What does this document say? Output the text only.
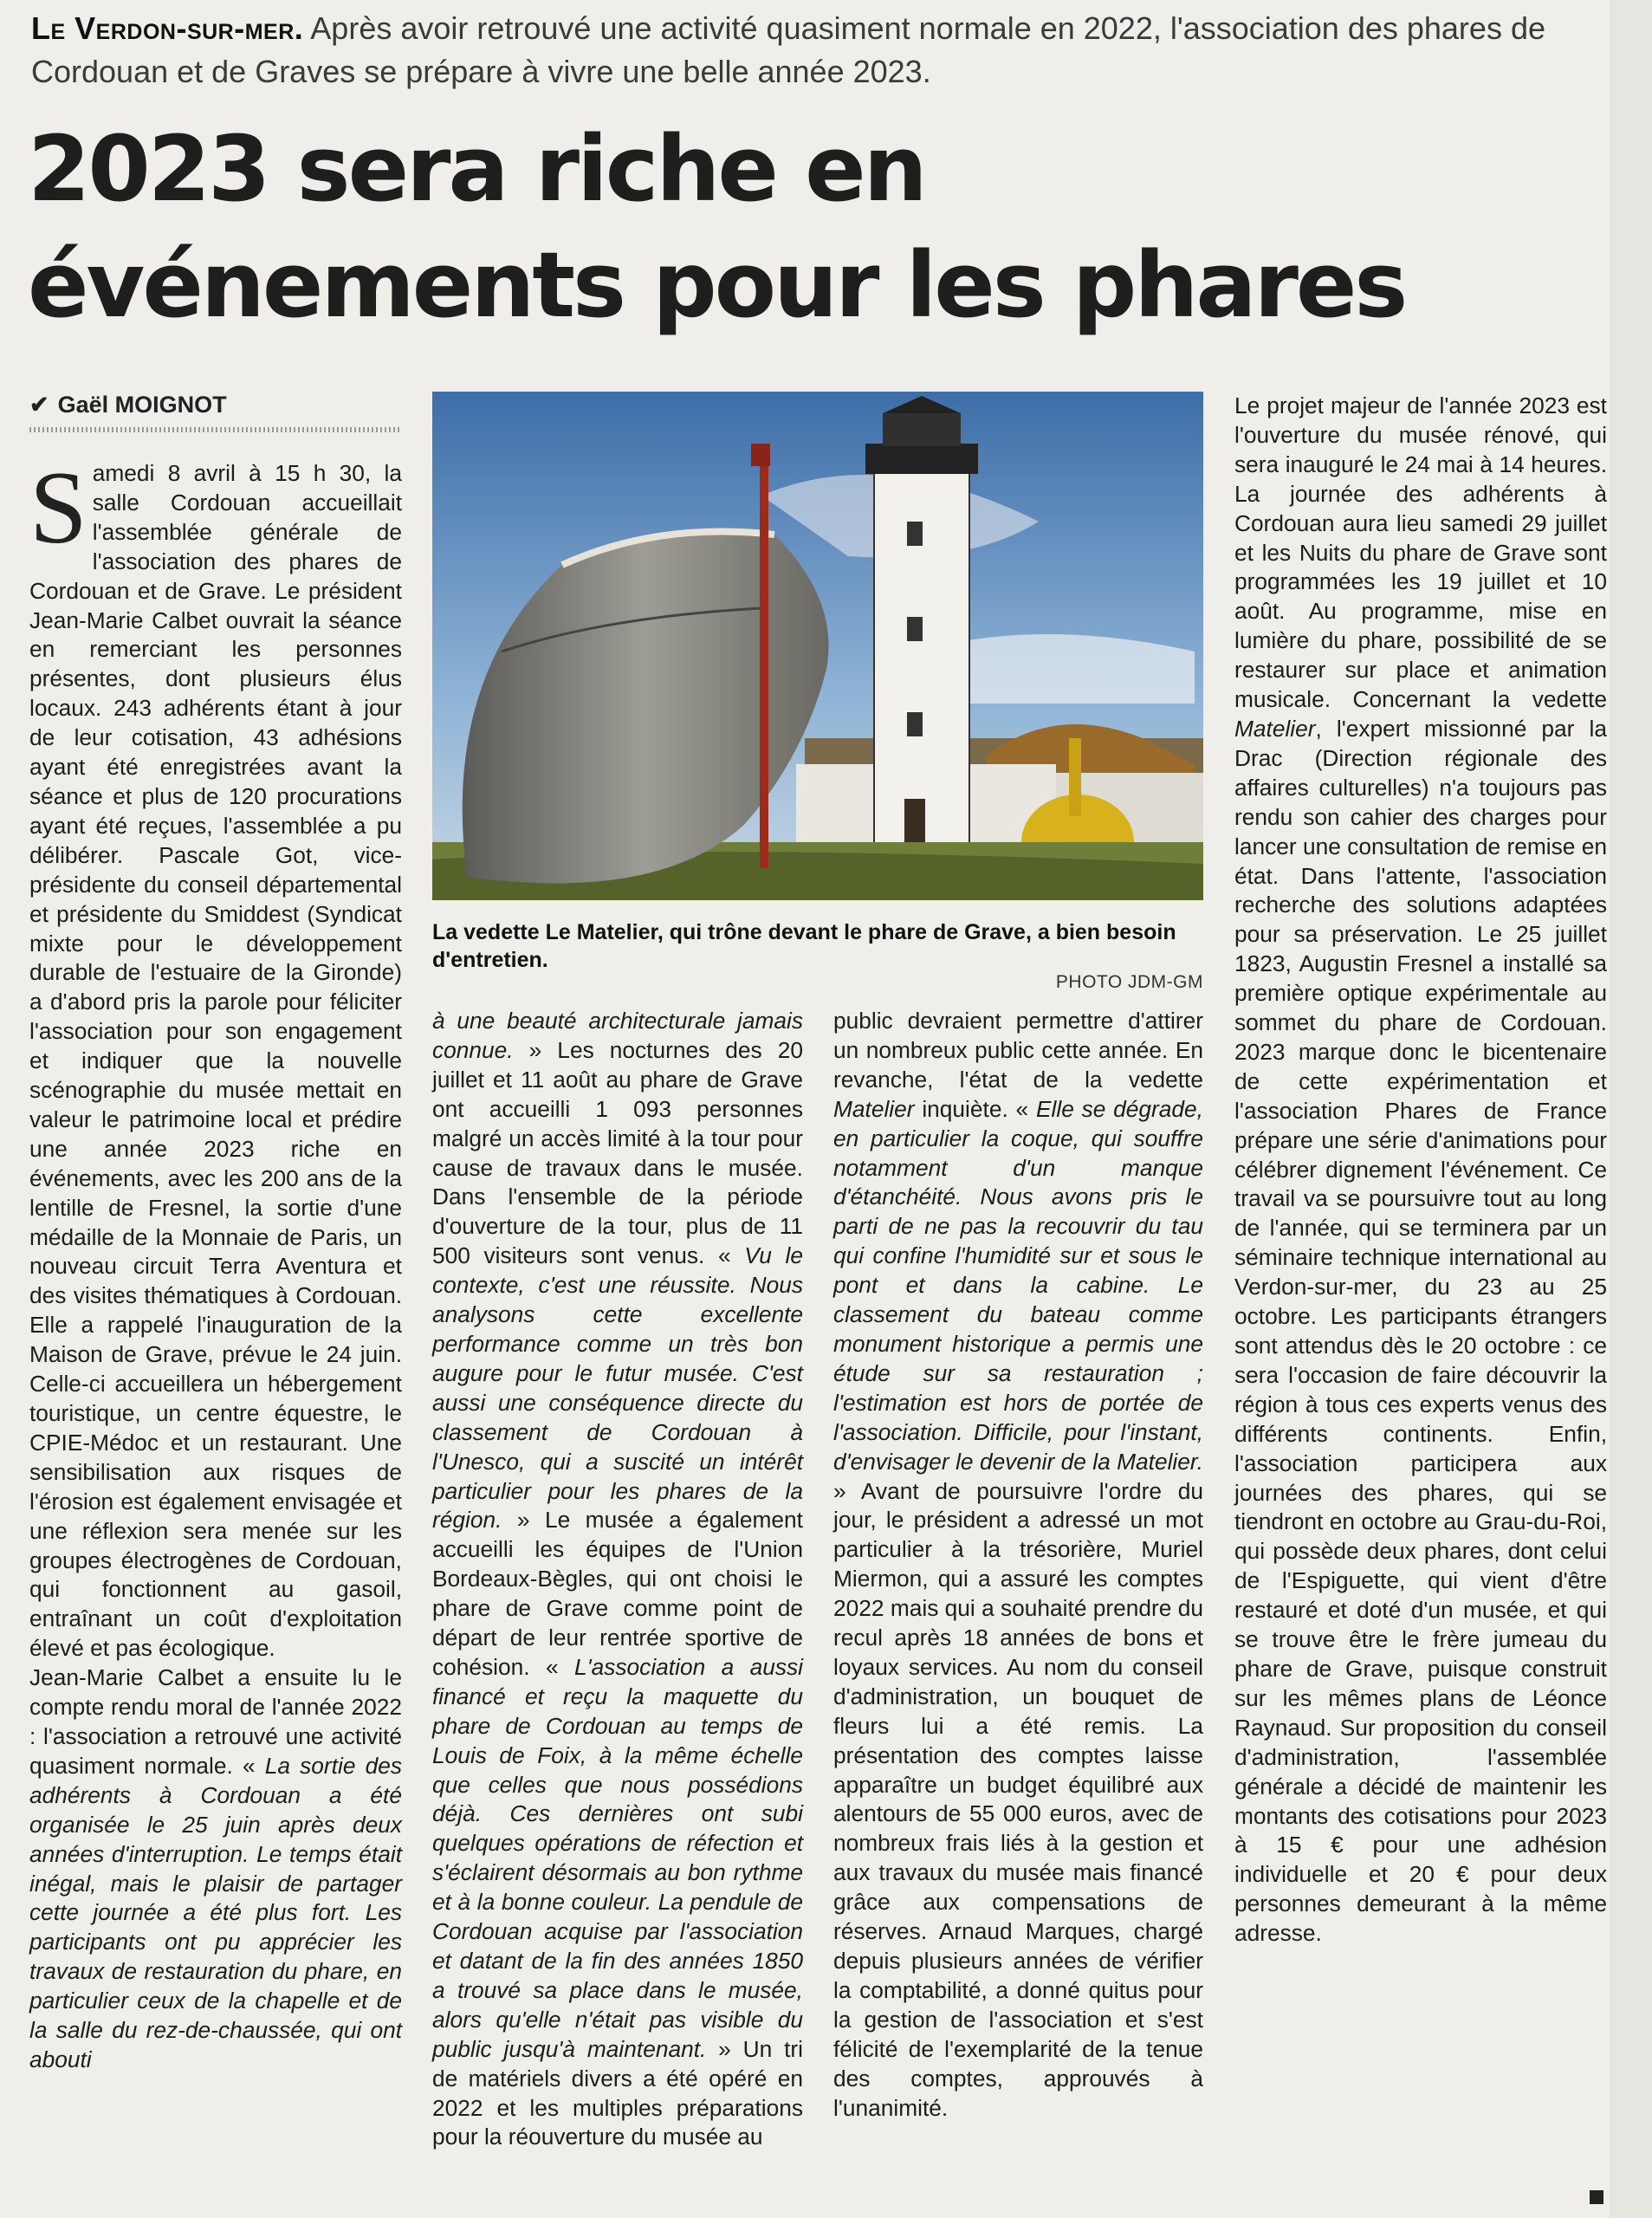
Le Verdon-sur-mer. Après avoir retrouvé une activité quasiment normale en 2022, l'association des phares de Cordouan et de Graves se prépare à vivre une belle année 2023.
2023 sera riche en
événements pour les phares
✔ Gaël MOIGNOT

Samedi 8 avril à 15 h 30, la salle Cordouan accueillait l'assemblée générale de l'association des phares de Cordouan et de Grave. Le président Jean-Marie Calbet ouvrait la séance en remerciant les personnes présentes, dont plusieurs élus locaux. 243 adhérents étant à jour de leur cotisation, 43 adhésions ayant été enregistrées avant la séance et plus de 120 procurations ayant été reçues, l'assemblée a pu délibérer. Pascale Got, vice-présidente du conseil départemental et présidente du Smiddest (Syndicat mixte pour le développement durable de l'estuaire de la Gironde) a d'abord pris la parole pour féliciter l'association pour son engagement et indiquer que la nouvelle scénographie du musée mettait en valeur le patrimoine local et prédire une année 2023 riche en événements, avec les 200 ans de la lentille de Fresnel, la sortie d'une médaille de la Monnaie de Paris, un nouveau circuit Terra Aventura et des visites thématiques à Cordouan. Elle a rappelé l'inauguration de la Maison de Grave, prévue le 24 juin. Celle-ci accueillera un hébergement touristique, un centre équestre, le CPIE-Médoc et un restaurant. Une sensibilisation aux risques de l'érosion est également envisagée et une réflexion sera menée sur les groupes électrogènes de Cordouan, qui fonctionnent au gasoil, entraînant un coût d'exploitation élevé et pas écologique.

Jean-Marie Calbet a ensuite lu le compte rendu moral de l'année 2022 : l'association a retrouvé une activité quasiment normale. « La sortie des adhérents à Cordouan a été organisée le 25 juin après deux années d'interruption. Le temps était inégal, mais le plaisir de partager cette journée a été plus fort. Les participants ont pu apprécier les travaux de restauration du phare, en particulier ceux de la chapelle et de la salle du rez-de-chaussée, qui ont abouti

La vedette Le Matelier, qui trône devant le phare de Grave, a bien besoin d'entretien.
PHOTO JDM-GM

à une beauté architecturale jamais connue. » Les nocturnes des 20 juillet et 11 août au phare de Grave ont accueilli 1 093 personnes malgré un accès limité à la tour pour cause de travaux dans le musée. Dans l'ensemble de la période d'ouverture de la tour, plus de 11 500 visiteurs sont venus. « Vu le contexte, c'est une réussite. Nous analysons cette excellente performance comme un très bon augure pour le futur musée. C'est aussi une conséquence directe du classement de Cordouan à l'Unesco, qui a suscité un intérêt particulier pour les phares de la région. » Le musée a également accueilli les équipes de l'Union Bordeaux-Bègles, qui ont choisi le phare de Grave comme point de départ de leur rentrée sportive de cohésion. « L'association a aussi financé et reçu la maquette du phare de Cordouan au temps de Louis de Foix, à la même échelle que celles que nous possédions déjà. Ces dernières ont subi quelques opérations de réfection et s'éclairent désormais au bon rythme et à la bonne couleur. La pendule de Cordouan acquise par l'association et datant de la fin des années 1850 a trouvé sa place dans le musée, alors qu'elle n'était pas visible du public jusqu'à maintenant. » Un tri de matériels divers a été opéré en 2022 et les multiples préparations pour la réouverture du musée au

public devraient permettre d'attirer un nombreux public cette année. En revanche, l'état de la vedette Matelier inquiète. « Elle se dégrade, en particulier la coque, qui souffre notamment d'un manque d'étanchéité. Nous avons pris le parti de ne pas la recouvrir du tau qui confine l'humidité sur et sous le pont et dans la cabine. Le classement du bateau comme monument historique a permis une étude sur sa restauration ; l'estimation est hors de portée de l'association. Difficile, pour l'instant, d'envisager le devenir de la Matelier. » Avant de poursuivre l'ordre du jour, le président a adressé un mot particulier à la trésorière, Muriel Miermon, qui a assuré les comptes 2022 mais qui a souhaité prendre du recul après 18 années de bons et loyaux services. Au nom du conseil d'administration, un bouquet de fleurs lui a été remis. La présentation des comptes laisse apparaître un budget équilibré aux alentours de 55 000 euros, avec de nombreux frais liés à la gestion et aux travaux du musée mais financé grâce aux compensations de réserves. Arnaud Marques, chargé depuis plusieurs années de vérifier la comptabilité, a donné quitus pour la gestion de l'association et s'est félicité de l'exemplarité de la tenue des comptes, approuvés à l'unanimité.

Le projet majeur de l'année 2023 est l'ouverture du musée rénové, qui sera inauguré le 24 mai à 14 heures. La journée des adhérents à Cordouan aura lieu samedi 29 juillet et les Nuits du phare de Grave sont programmées les 19 juillet et 10 août. Au programme, mise en lumière du phare, possibilité de se restaurer sur place et animation musicale. Concernant la vedette Matelier, l'expert missionné par la Drac (Direction régionale des affaires culturelles) n'a toujours pas rendu son cahier des charges pour lancer une consultation de remise en état. Dans l'attente, l'association recherche des solutions adaptées pour sa préservation. Le 25 juillet 1823, Augustin Fresnel a installé sa première optique expérimentale au sommet du phare de Cordouan. 2023 marque donc le bicentenaire de cette expérimentation et l'association Phares de France prépare une série d'animations pour célébrer dignement l'événement. Ce travail va se poursuivre tout au long de l'année, qui se terminera par un séminaire technique international au Verdon-sur-mer, du 23 au 25 octobre. Les participants étrangers sont attendus dès le 20 octobre : ce sera l'occasion de faire découvrir la région à tous ces experts venus des différents continents. Enfin, l'association participera aux journées des phares, qui se tiendront en octobre au Grau-du-Roi, qui possède deux phares, dont celui de l'Espiguette, qui vient d'être restauré et doté d'un musée, et qui se trouve être le frère jumeau du phare de Grave, puisque construit sur les mêmes plans de Léonce Raynaud. Sur proposition du conseil d'administration, l'assemblée générale a décidé de maintenir les montants des cotisations pour 2023 à 15 € pour une adhésion individuelle et 20 € pour deux personnes demeurant à la même adresse.
